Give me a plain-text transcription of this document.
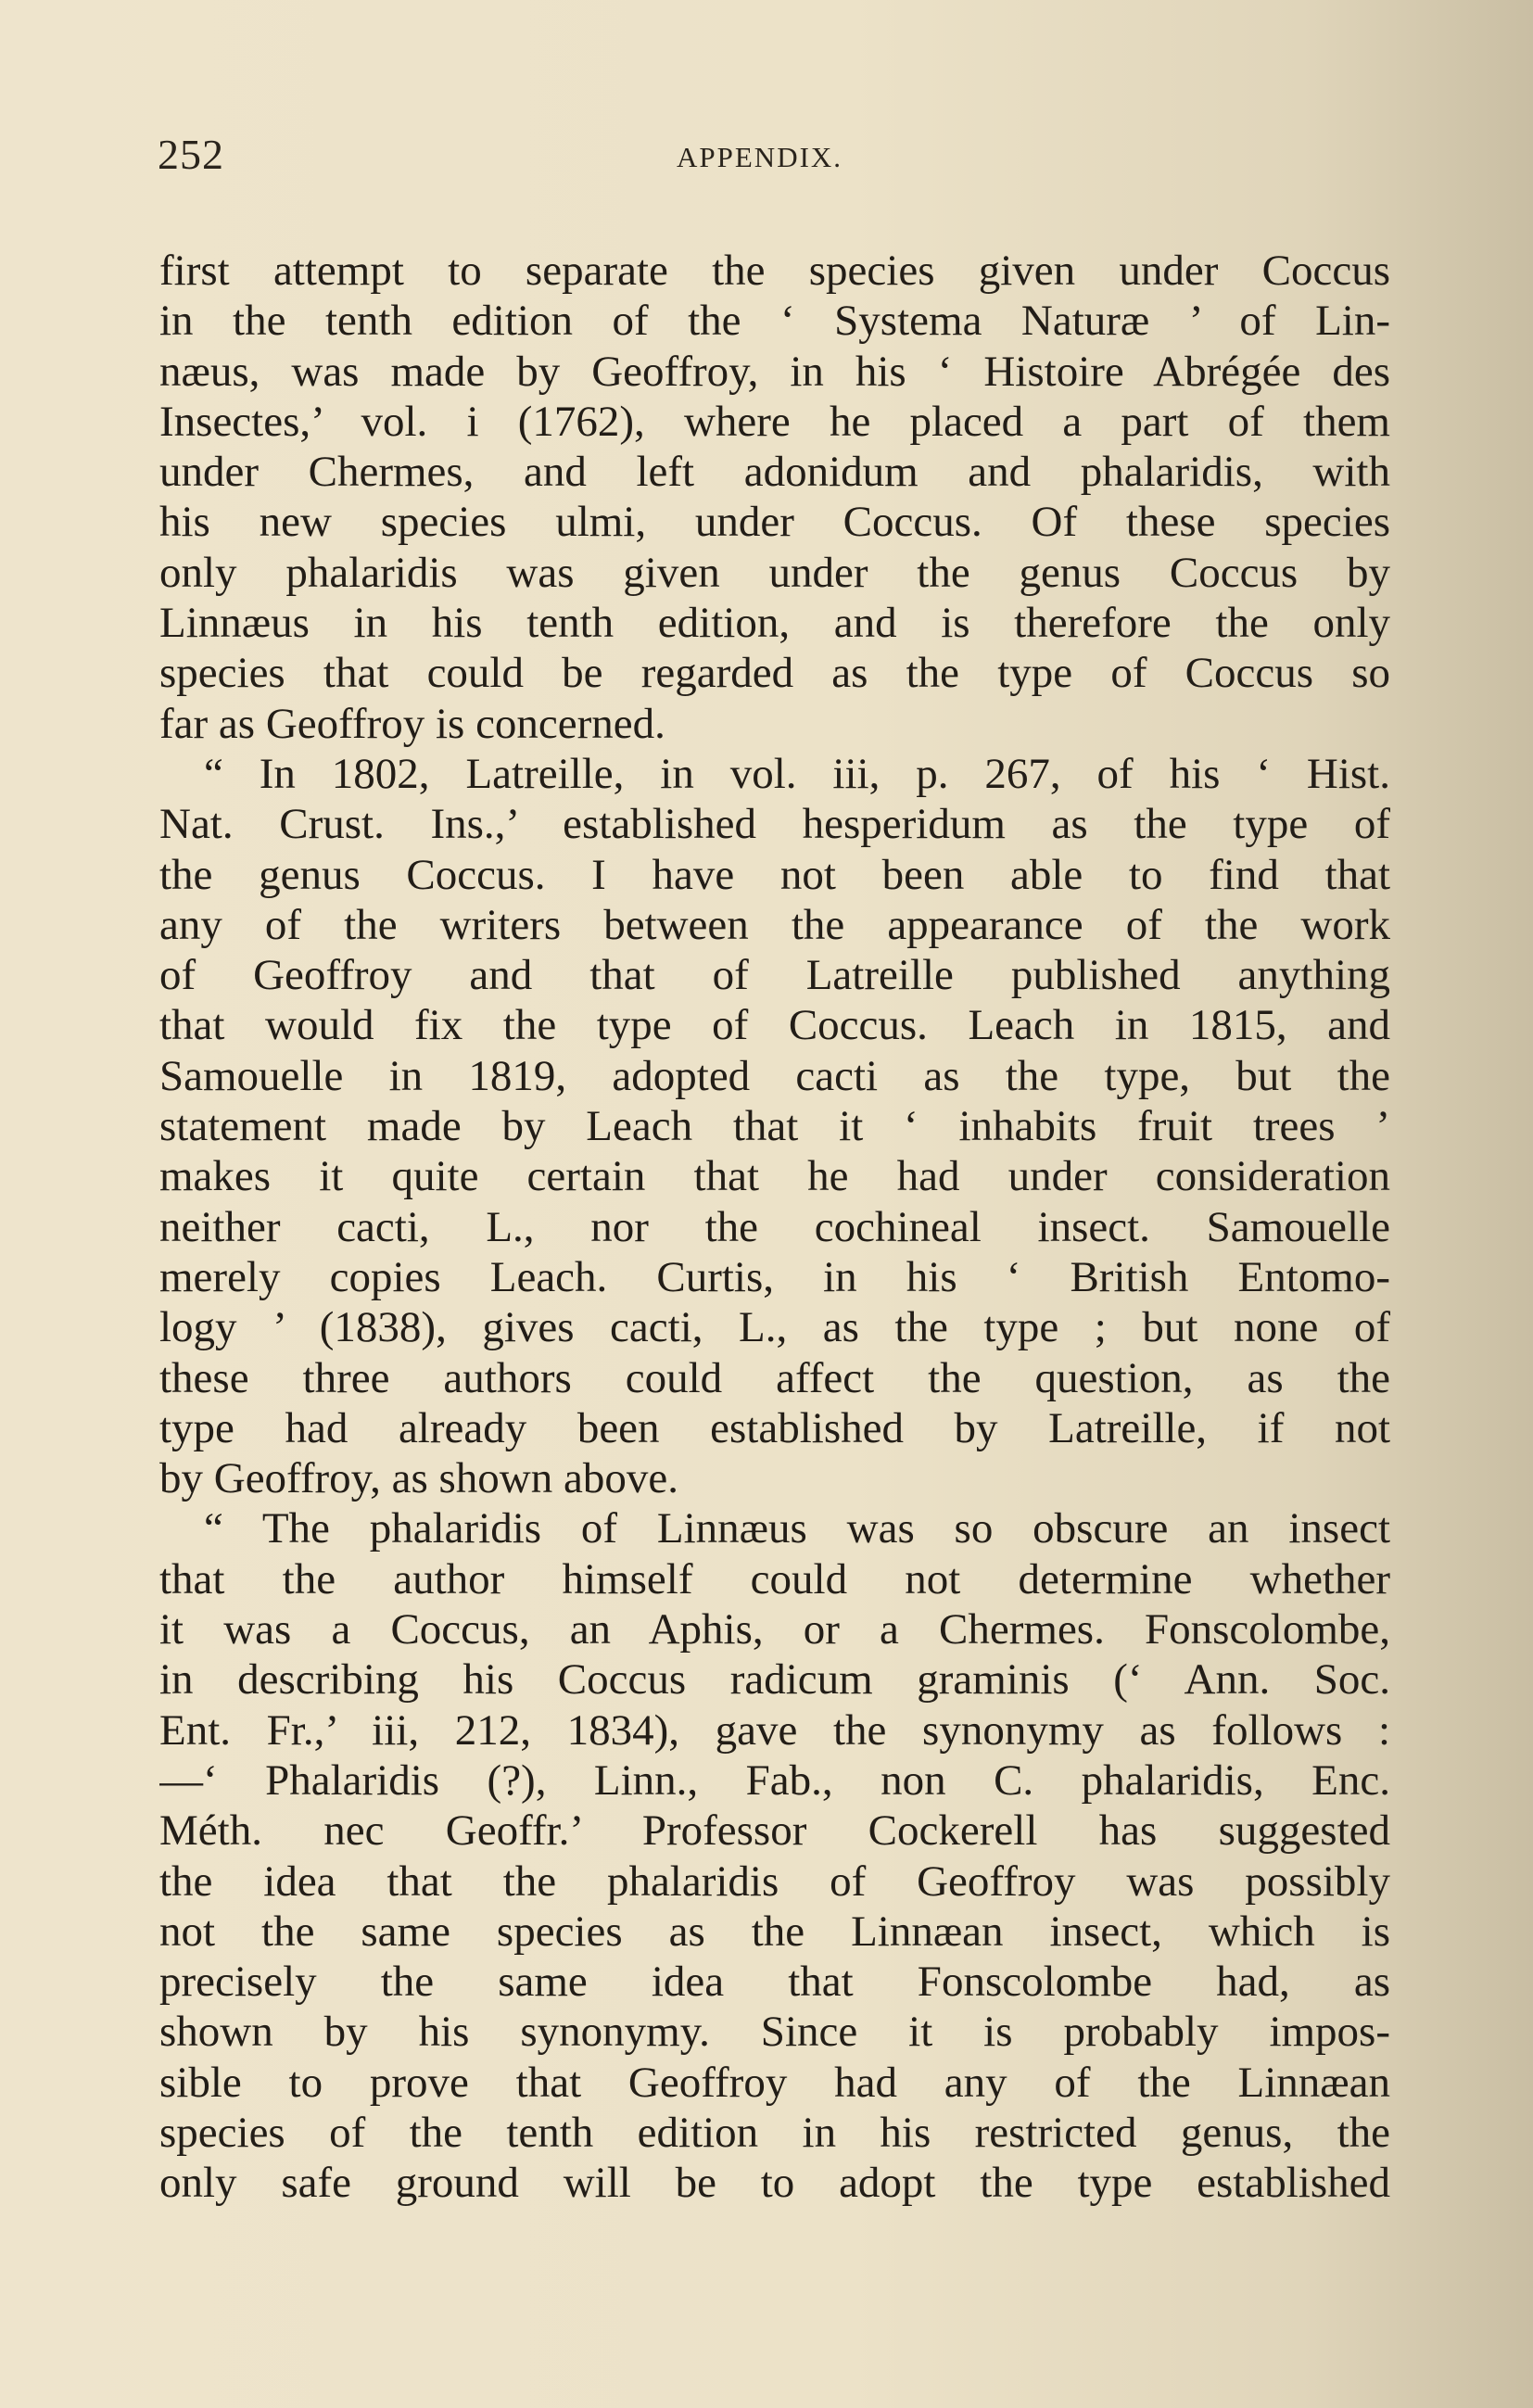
252	APPENDIX.
first attempt to separate the species given under Coccus
in the tenth edition of the ‘ Systema Naturæ ’ of Lin-
næus, was made by Geoffroy, in his ‘ Histoire Abrégée des
Insectes,’ vol. i (1762), where he placed a part of them
under Chermes, and left adonidum and phalaridis, with
his new species ulmi, under Coccus. Of these species
only phalaridis was given under the genus Coccus by
Linnæus in his tenth edition, and is therefore the only
species that could be regarded as the type of Coccus so
far as Geoffroy is concerned.
“ In 1802, Latreille, in vol. iii, p. 267, of his ‘ Hist.
Nat. Crust. Ins.,’ established hesperidum as the type of
the genus Coccus. I have not been able to find that
any of the writers between the appearance of the work
of Geoffroy and that of Latreille published anything
that would fix the type of Coccus. Leach in 1815, and
Samouelle in 1819, adopted cacti as the type, but the
statement made by Leach that it ‘ inhabits fruit trees ’
makes it quite certain that he had under consideration
neither cacti, L., nor the cochineal insect. Samouelle
merely copies Leach. Curtis, in his ‘ British Entomo-
logy ’ (1838), gives cacti, L., as the type ; but none of
these three authors could affect the question, as the
type had already been established by Latreille, if not
by Geoffroy, as shown above.
“ The phalaridis of Linnæus was so obscure an insect
that the author himself could not determine whether
it was a Coccus, an Aphis, or a Chermes. Fonscolombe,
in describing his Coccus radicum graminis (‘ Ann. Soc.
Ent. Fr.,’ iii, 212, 1834), gave the synonymy as follows :
—‘ Phalaridis (?), Linn., Fab., non C. phalaridis, Enc.
Méth. nec Geoffr.’ Professor Cockerell has suggested
the idea that the phalaridis of Geoffroy was possibly
not the same species as the Linnæan insect, which is
precisely the same idea that Fonscolombe had, as
shown by his synonymy. Since it is probably impos-
sible to prove that Geoffroy had any of the Linnæan
species of the tenth edition in his restricted genus, the
only safe ground will be to adopt the type established
